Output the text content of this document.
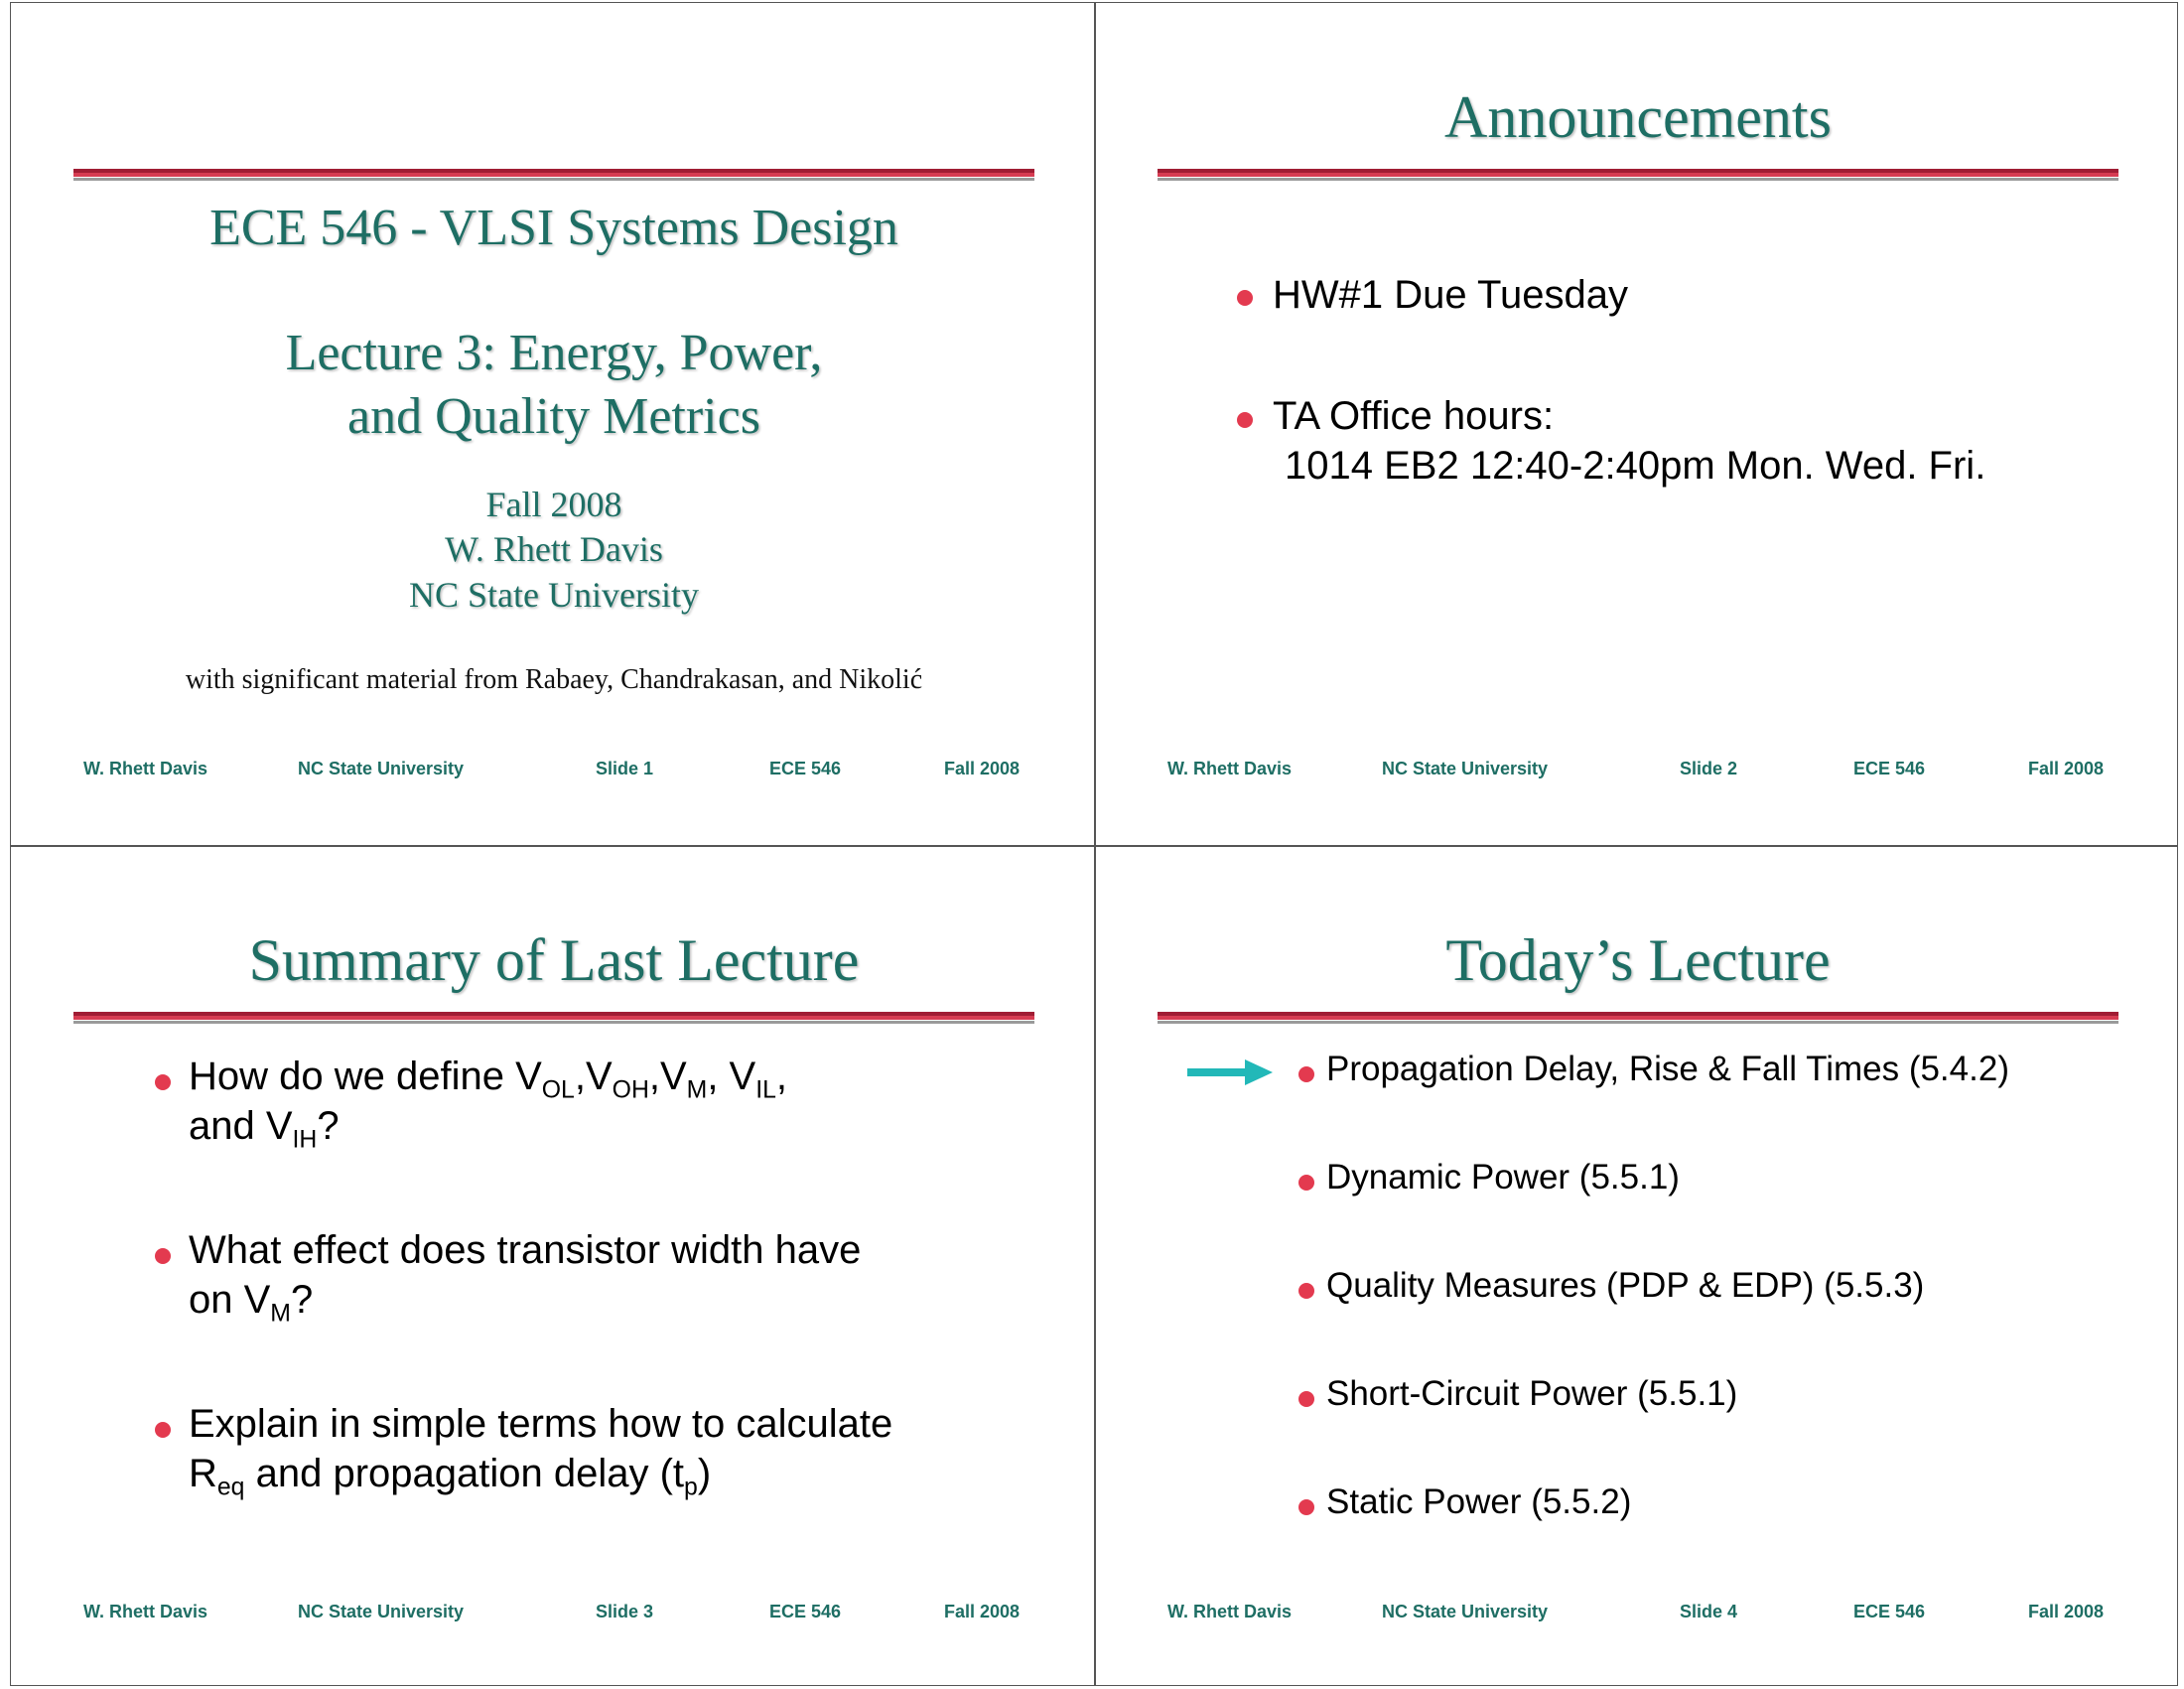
ECE 546 - VLSI Systems Design
Lecture 3: Energy, Power,
and Quality Metrics
Fall 2008
W. Rhett Davis
NC State University
with significant material from Rabaey, Chandrakasan, and Nikolić
W. Rhett Davis	NC State University	Slide 1	ECE 546	Fall 2008
Announcements
HW#1 Due Tuesday
TA Office hours:
1014 EB2 12:40-2:40pm Mon. Wed. Fri.
W. Rhett Davis	NC State University	Slide 2	ECE 546	Fall 2008
Summary of Last Lecture
How do we define $V_{OL},V_{OH},V_M$, $V_{IL}$,
and $V_{IH}$?
What effect does transistor width have
on $V_M$?
Explain in simple terms how to calculate
$R_{eq}$ and propagation delay $(t_p)$
W. Rhett Davis	NC State University	Slide 3	ECE 546	Fall 2008
Today’s Lecture
Propagation Delay, Rise & Fall Times (5.4.2)
Dynamic Power (5.5.1)
Quality Measures (PDP & EDP) (5.5.3)
Short-Circuit Power (5.5.1)
Static Power (5.5.2)
W. Rhett Davis	NC State University	Slide 4	ECE 546	Fall 2008
